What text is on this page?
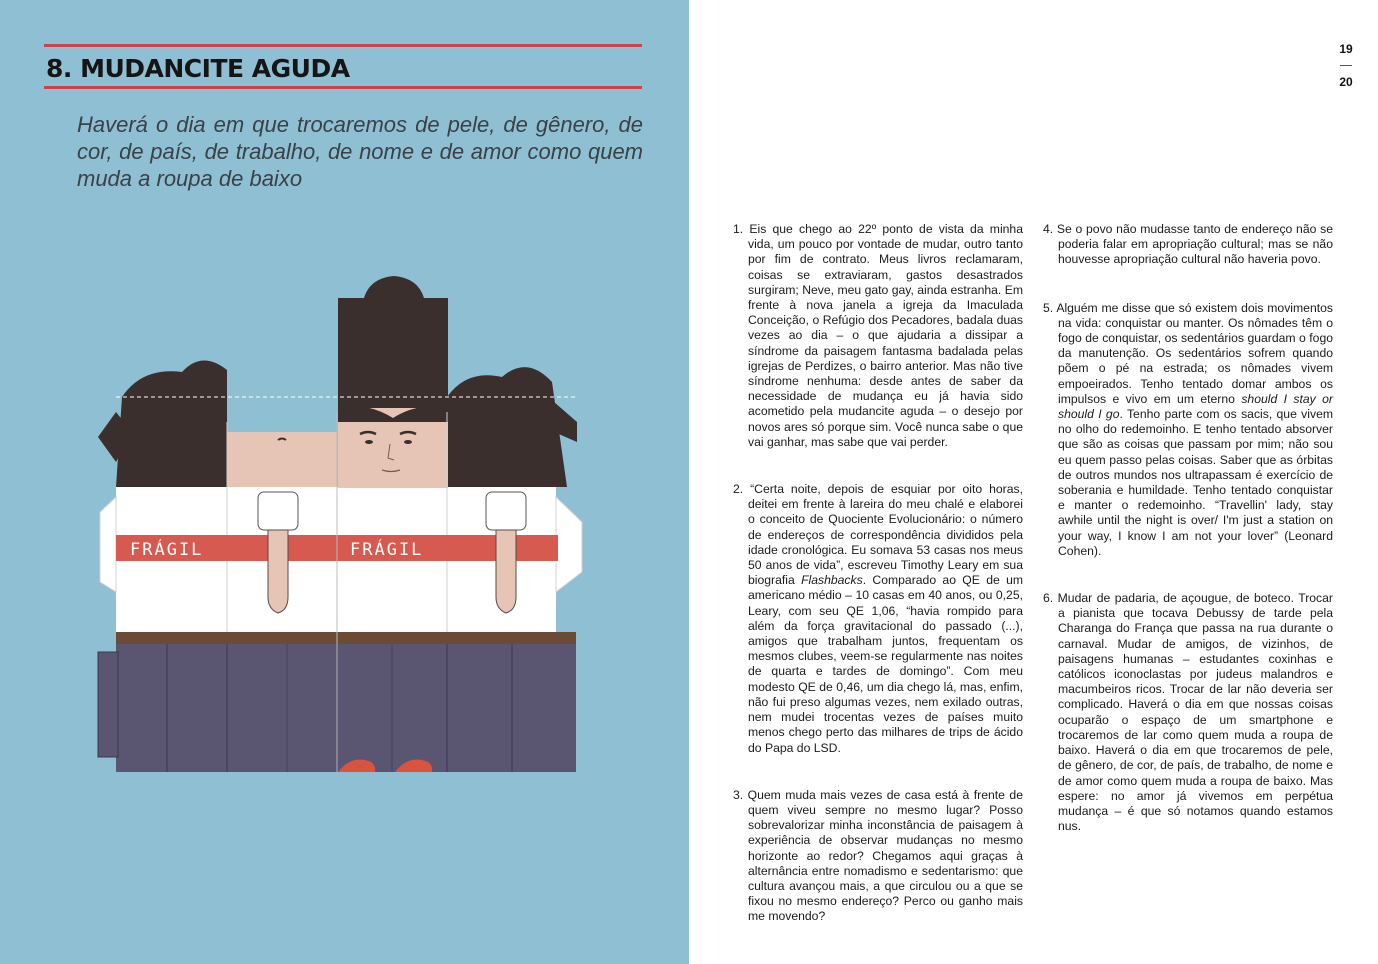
8. MUDANCITE AGUDA

Haverá o dia em que trocaremos de pele, de gênero, de cor, de país, de trabalho, de nome e de amor como quem muda a roupa de baixo

FRÁGIL	FRÁGIL
19
20

1. Eis que chego ao 22º ponto de vista da minha vida, um pouco por vontade de mudar, outro tanto por fim de contrato. Meus livros reclamaram, coisas se extraviaram, gastos desastrados surgiram; Neve, meu gato gay, ainda estranha. Em frente à nova janela a igreja da Imaculada Conceição, o Refúgio dos Pecadores, badala duas vezes ao dia – o que ajudaria a dissipar a síndrome da paisagem fantasma badalada pelas igrejas de Perdizes, o bairro anterior. Mas não tive síndrome nenhuma: desde antes de saber da necessidade de mudança eu já havia sido acometido pela mudancite aguda – o desejo por novos ares só porque sim. Você nunca sabe o que vai ganhar, mas sabe que vai perder.

2. “Certa noite, depois de esquiar por oito horas, deitei em frente à lareira do meu chalé e elaborei o conceito de Quociente Evolucionário: o número de endereços de correspondência divididos pela idade cronológica. Eu somava 53 casas nos meus 50 anos de vida”, escreveu Timothy Leary em sua biografia Flashbacks. Comparado ao QE de um americano médio – 10 casas em 40 anos, ou 0,25, Leary, com seu QE 1,06, “havia rompido para além da força gravitacional do passado (...), amigos que trabalham juntos, frequentam os mesmos clubes, veem-se regularmente nas noites de quarta e tardes de domingo”. Com meu modesto QE de 0,46, um dia chego lá, mas, enfim, não fui preso algumas vezes, nem exilado outras, nem mudei trocentas vezes de países muito menos chego perto das milhares de trips de ácido do Papa do LSD.

3. Quem muda mais vezes de casa está à frente de quem viveu sempre no mesmo lugar? Posso sobrevalorizar minha inconstância de paisagem à experiência de observar mudanças no mesmo horizonte ao redor? Chegamos aqui graças à alternância entre nomadismo e sedentarismo: que cultura avançou mais, a que circulou ou a que se fixou no mesmo endereço? Perco ou ganho mais me movendo?

4. Se o povo não mudasse tanto de endereço não se poderia falar em apropriação cultural; mas se não houvesse apropriação cultural não haveria povo.

5. Alguém me disse que só existem dois movimentos na vida: conquistar ou manter. Os nômades têm o fogo de conquistar, os sedentários guardam o fogo da manutenção. Os sedentários sofrem quando põem o pé na estrada; os nômades vivem empoeirados. Tenho tentado domar ambos os impulsos e vivo em um eterno should I stay or should I go. Tenho parte com os sacis, que vivem no olho do redemoinho. E tenho tentado absorver que são as coisas que passam por mim; não sou eu quem passo pelas coisas. Saber que as órbitas de outros mundos nos ultrapassam é exercício de soberania e humildade. Tenho tentado conquistar e manter o redemoinho. “Travellin' lady, stay awhile until the night is over/ I'm just a station on your way, I know I am not your lover” (Leonard Cohen).

6. Mudar de padaria, de açougue, de boteco. Trocar a pianista que tocava Debussy de tarde pela Charanga do França que passa na rua durante o carnaval. Mudar de amigos, de vizinhos, de paisagens humanas – estudantes coxinhas e católicos iconoclastas por judeus malandros e macumbeiros ricos. Trocar de lar não deveria ser complicado. Haverá o dia em que nossas coisas ocuparão o espaço de um smartphone e trocaremos de lar como quem muda a roupa de baixo. Haverá o dia em que trocaremos de pele, de gênero, de cor, de país, de trabalho, de nome e de amor como quem muda a roupa de baixo. Mas espere: no amor já vivemos em perpétua mudança – é que só notamos quando estamos nus.
